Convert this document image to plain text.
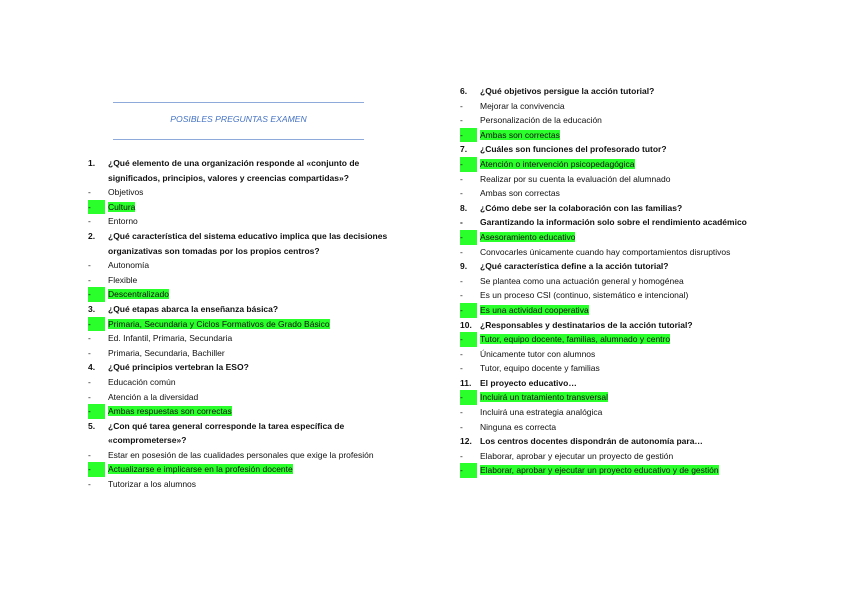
POSIBLES PREGUNTAS EXAMEN
1. ¿Qué elemento de una organización responde al «conjunto de significados, principios, valores y creencias compartidas»?
- Objetivos
-	Cultura
- Entorno
2. ¿Qué característica del sistema educativo implica que las decisiones organizativas son tomadas por los propios centros?
- Autonomía
- Flexible
-	Descentralizado
3. ¿Qué etapas abarca la enseñanza básica?
-	Primaria, Secundaria y Ciclos Formativos de Grado Básico
- Ed. Infantil, Primaria, Secundaria
- Primaria, Secundaria, Bachiller
4. ¿Qué principios vertebran la ESO?
- Educación común
- Atención a la diversidad
-	Ambas respuestas son correctas
5. ¿Con qué tarea general corresponde la tarea específica de «comprometerse»?
- Estar en posesión de las cualidades personales que exige la profesión
-	Actualizarse e implicarse en la profesión docente
- Tutorizar a los alumnos
6. ¿Qué objetivos persigue la acción tutorial?
- Mejorar la convivencia
- Personalización de la educación
-	Ambas son correctas
7. ¿Cuáles son funciones del profesorado tutor?
-	Atención o intervención psicopedagógica
- Realizar por su cuenta la evaluación del alumnado
- Ambas son correctas
8. ¿Cómo debe ser la colaboración con las familias?
- Garantizando la información solo sobre el rendimiento académico
-	Asesoramiento educativo
- Convocarles únicamente cuando hay comportamientos disruptivos
9. ¿Qué característica define a la acción tutorial?
- Se plantea como una actuación general y homogénea
- Es un proceso CSI (continuo, sistemático e intencional)
-	Es una actividad cooperativa
10. ¿Responsables y destinatarios de la acción tutorial?
-	Tutor, equipo docente, familias, alumnado y centro
- Únicamente tutor con alumnos
- Tutor, equipo docente y familias
11. El proyecto educativo…
-	Incluirá un tratamiento transversal
- Incluirá una estrategia analógica
- Ninguna es correcta
12. Los centros docentes dispondrán de autonomía para…
- Elaborar, aprobar y ejecutar un proyecto de gestión
-	Elaborar, aprobar y ejecutar un proyecto educativo y de gestión
